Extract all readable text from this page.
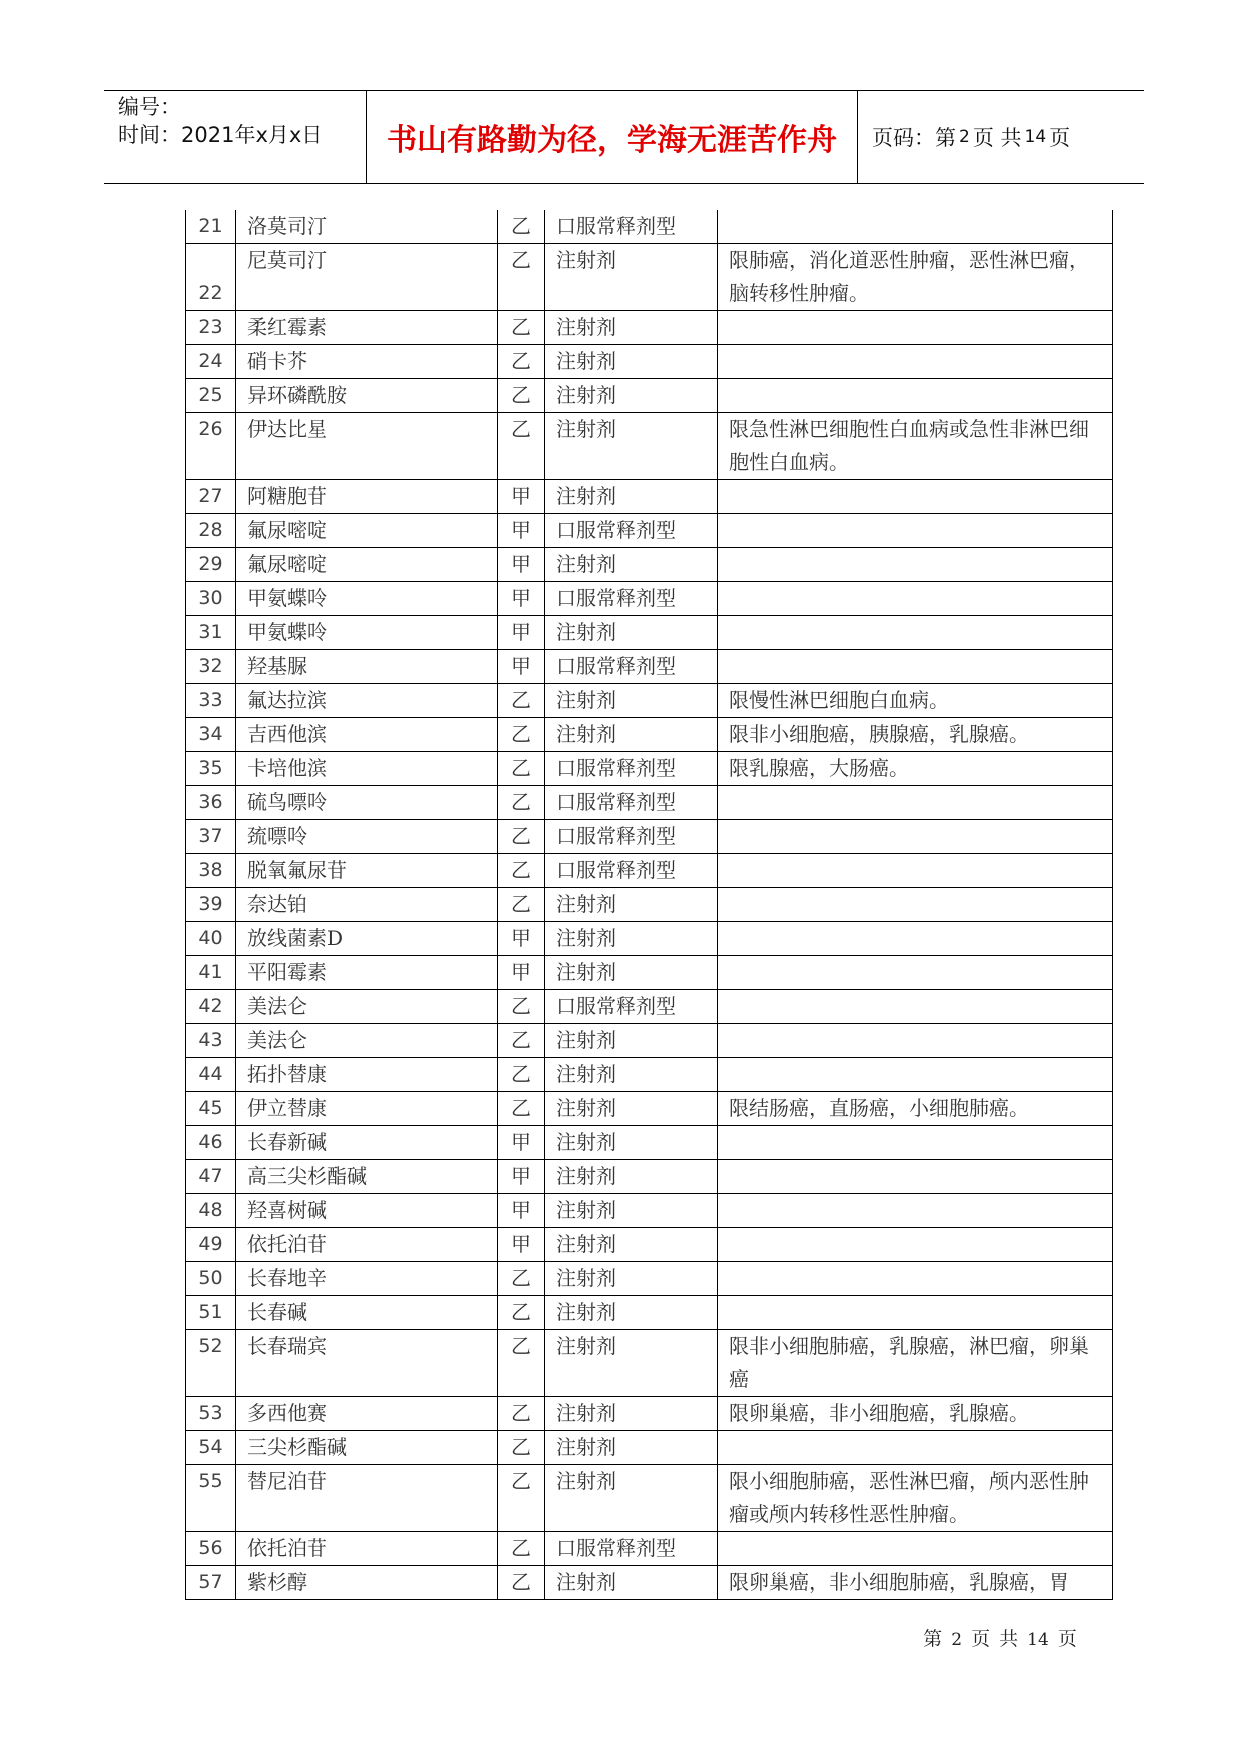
编号：
时间：2021年x月x日	书山有路勤为径，学海无涯苦作舟	页码：第 2 页 共 14 页
21	洛莫司汀	乙	口服常释剂型	
22	尼莫司汀	乙	注射剂	限肺癌，消化道恶性肿瘤，恶性淋巴瘤，脑转移性肿瘤。
23	柔红霉素	乙	注射剂	
24	硝卡芥	乙	注射剂	
25	异环磷酰胺	乙	注射剂	
26	伊达比星	乙	注射剂	限急性淋巴细胞性白血病或急性非淋巴细胞性白血病。
27	阿糖胞苷	甲	注射剂	
28	氟尿嘧啶	甲	口服常释剂型	
29	氟尿嘧啶	甲	注射剂	
30	甲氨蝶呤	甲	口服常释剂型	
31	甲氨蝶呤	甲	注射剂	
32	羟基脲	甲	口服常释剂型	
33	氟达拉滨	乙	注射剂	限慢性淋巴细胞白血病。
34	吉西他滨	乙	注射剂	限非小细胞癌，胰腺癌，乳腺癌。
35	卡培他滨	乙	口服常释剂型	限乳腺癌，大肠癌。
36	硫鸟嘌呤	乙	口服常释剂型	
37	巯嘌呤	乙	口服常释剂型	
38	脱氧氟尿苷	乙	口服常释剂型	
39	奈达铂	乙	注射剂	
40	放线菌素D	甲	注射剂	
41	平阳霉素	甲	注射剂	
42	美法仑	乙	口服常释剂型	
43	美法仑	乙	注射剂	
44	拓扑替康	乙	注射剂	
45	伊立替康	乙	注射剂	限结肠癌，直肠癌，小细胞肺癌。
46	长春新碱	甲	注射剂	
47	高三尖杉酯碱	甲	注射剂	
48	羟喜树碱	甲	注射剂	
49	依托泊苷	甲	注射剂	
50	长春地辛	乙	注射剂	
51	长春碱	乙	注射剂	
52	长春瑞宾	乙	注射剂	限非小细胞肺癌，乳腺癌，淋巴瘤，卵巢癌
53	多西他赛	乙	注射剂	限卵巢癌，非小细胞癌，乳腺癌。
54	三尖杉酯碱	乙	注射剂	
55	替尼泊苷	乙	注射剂	限小细胞肺癌，恶性淋巴瘤，颅内恶性肿瘤或颅内转移性恶性肿瘤。
56	依托泊苷	乙	口服常释剂型	
57	紫杉醇	乙	注射剂	限卵巢癌，非小细胞肺癌，乳腺癌，胃
第 2 页 共 14 页
